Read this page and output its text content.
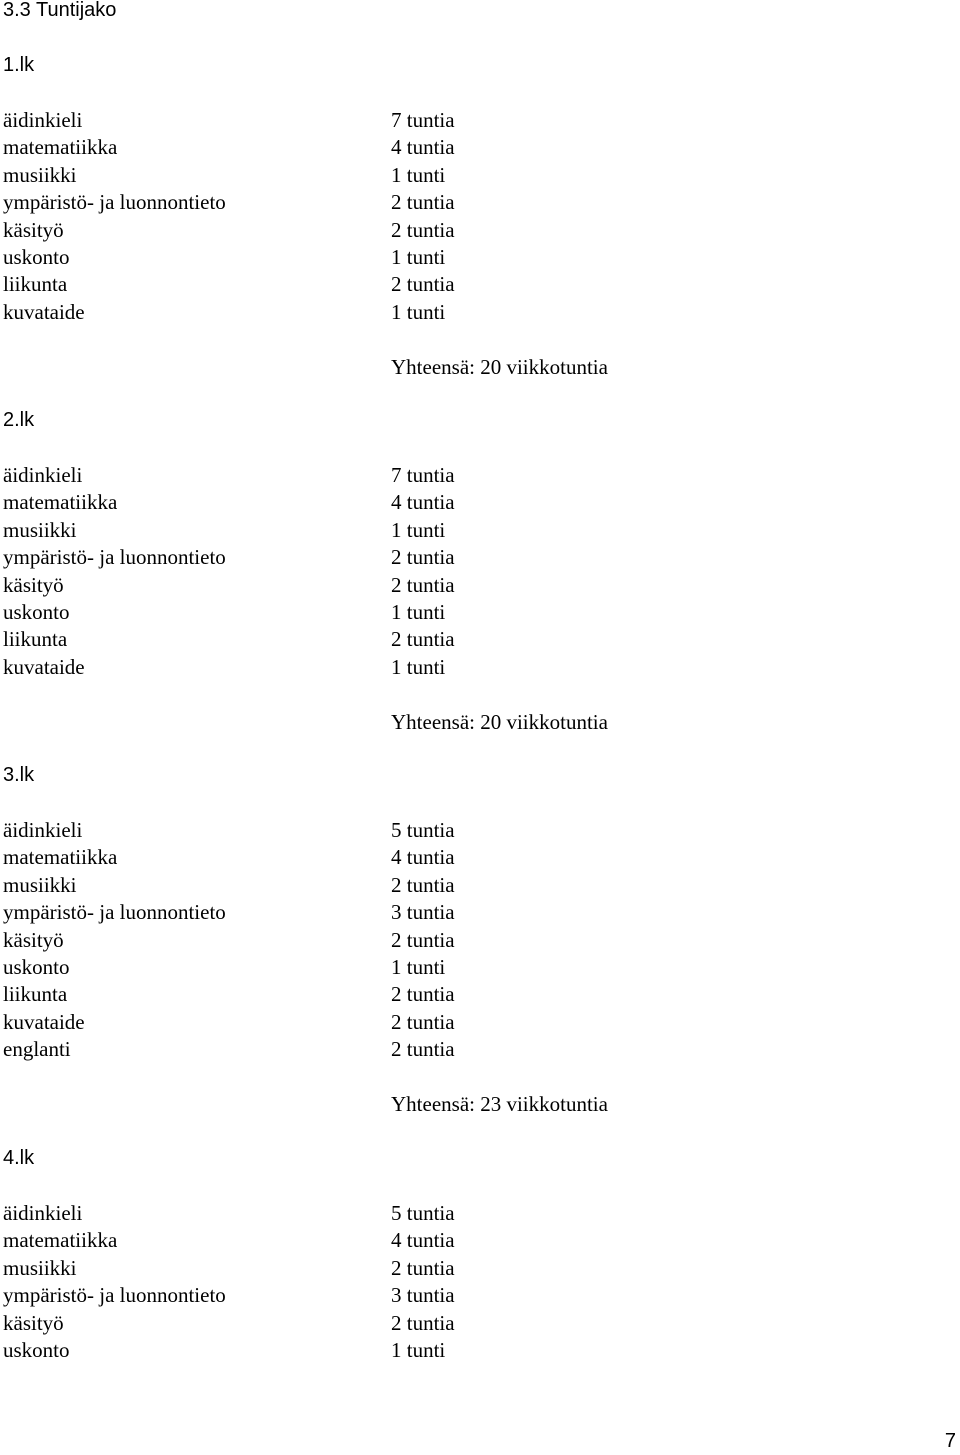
3.3 Tuntijako
1.lk
äidinkieli	7 tuntia
matematiikka	4 tuntia
musiikki	1 tunti
ympäristö- ja luonnontieto	2 tuntia
käsityö	2 tuntia
uskonto	1 tunti
liikunta	2 tuntia
kuvataide	1 tunti
Yhteensä: 20 viikkotuntia
2.lk
äidinkieli	7 tuntia
matematiikka	4 tuntia
musiikki	1 tunti
ympäristö- ja luonnontieto	2 tuntia
käsityö	2 tuntia
uskonto	1 tunti
liikunta	2 tuntia
kuvataide	1 tunti
Yhteensä: 20 viikkotuntia
3.lk
äidinkieli	5 tuntia
matematiikka	4 tuntia
musiikki	2 tuntia
ympäristö- ja luonnontieto	3 tuntia
käsityö	2 tuntia
uskonto	1 tunti
liikunta	2 tuntia
kuvataide	2 tuntia
englanti	2 tuntia
Yhteensä: 23 viikkotuntia
4.lk
äidinkieli	5 tuntia
matematiikka	4 tuntia
musiikki	2 tuntia
ympäristö- ja luonnontieto	3 tuntia
käsityö	2 tuntia
uskonto	1 tunti
7
